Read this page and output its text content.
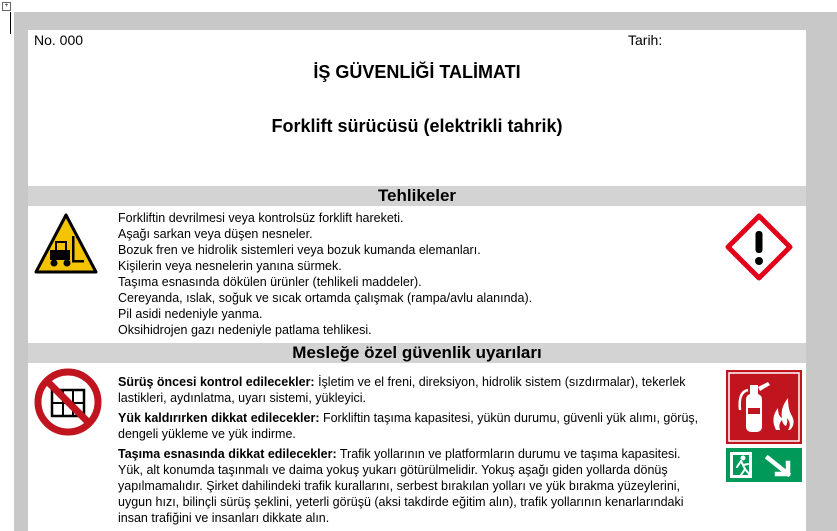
+
No. 000	Tarih:
İŞ GÜVENLİĞİ TALİMATI
Forklift sürücüsü (elektrikli tahrik)
Tehlikeler
Forkliftin devrilmesi veya kontrolsüz forklift hareketi.
Aşağı sarkan veya düşen nesneler.
Bozuk fren ve hidrolik sistemleri veya bozuk kumanda elemanları.
Kişilerin veya nesnelerin yanına sürmek.
Taşıma esnasında dökülen ürünler (tehlikeli maddeler).
Cereyanda, ıslak, soğuk ve sıcak ortamda çalışmak (rampa/avlu alanında).
Pil asidi nedeniyle yanma.
Oksihidrojen gazı nedeniyle patlama tehlikesi.
Mesleğe özel güvenlik uyarıları

Sürüş öncesi kontrol edilecekler: İşletim ve el freni, direksiyon, hidrolik sistem (sızdırmalar), tekerlek lastikleri, aydınlatma, uyarı sistemi, yükleyici.

Yük kaldırırken dikkat edilecekler: Forkliftin taşıma kapasitesi, yükün durumu, güvenli yük alımı, görüş, dengeli yükleme ve yük indirme.

Taşıma esnasında dikkat edilecekler: Trafik yollarının ve platformların durumu ve taşıma kapasitesi. Yük, alt konumda taşınmalı ve daima yokuş yukarı götürülmelidir. Yokuş aşağı giden yollarda dönüş yapılmamalıdır. Şirket dahilindeki trafik kurallarını, serbest bırakılan yolları ve yük bırakma yüzeylerini, uygun hızı, bilinçli sürüş şeklini, yeterli görüşü (aksi takdirde eğitim alın), trafik yollarının kenarlarındaki insan trafiğini ve insanları dikkate alın.
